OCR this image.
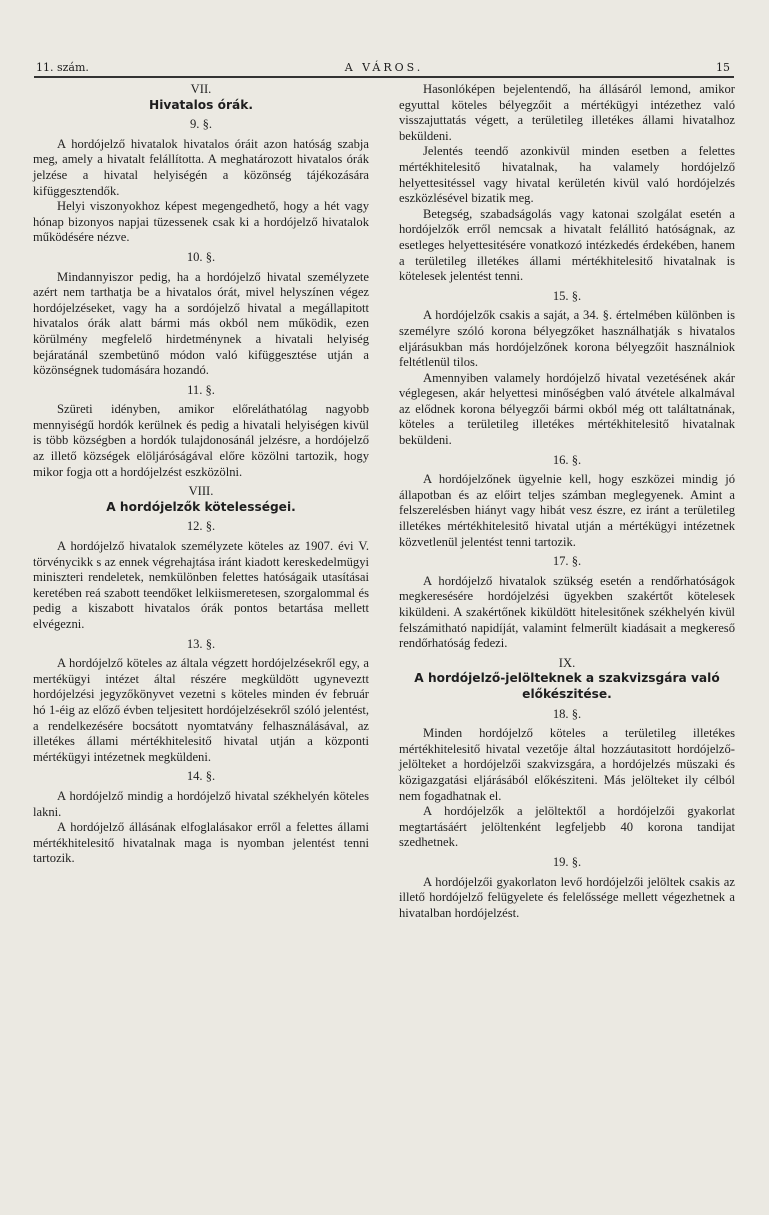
11. szám.	A VÁROS.	15
VII.
Hivatalos órák.
9. §.

A hordójelző hivatalok hivatalos óráit azon hatóság szabja meg, amely a hivatalt felállította. A meghatározott hivatalos órák jelzése a hivatal helyiségén a közönség tájékozására kifüggesztendők.

Helyi viszonyokhoz képest megengedhető, hogy a hét vagy hónap bizonyos napjai tüzessenek csak ki a hordójelző hivatalok működésére nézve.

10. §.

Mindannyiszor pedig, ha a hordójelző hivatal személyzete azért nem tarthatja be a hivatalos órát, mivel helyszínen végez hordójelzéseket, vagy ha a sordójelző hivatal a megállapitott hivatalos órák alatt bármi más okból nem működik, ezen körülmény megfelelő hirdetménynek a hivatali helyiség bejáratánál szembetünő módon való kifüggesztése utján a közönségnek tudomására hozandó.

11. §.

Szüreti idényben, amikor előreláthatólag nagyobb mennyiségű hordók kerülnek és pedig a hivatali helyiségen kivül is több községben a hordók tulajdonosánál jelzésre, a hordójelző az illető községek elöljáróságával előre közölni tartozik, hogy mikor fogja ott a hordójelzést eszközölni.

VIII.
A hordójelzők kötelességei.
12. §.

A hordójelző hivatalok személyzete köteles az 1907. évi V. törvénycikk s az ennek végrehajtása iránt kiadott kereskedelmügyi miniszteri rendeletek, nemkülönben felettes hatóságaik utasításai keretében reá szabott teendőket lelkiismeretesen, szorgalommal és pedig a kiszabott hivatalos órák pontos betartása mellett elvégezni.

13. §.

A hordójelző köteles az általa végzett hordójelzésekről egy, a mertékügyi intézet által részére megküldött ugyneveztt hordójelzési jegyzőkönyvet vezetni s köteles minden év február hó 1-éig az előző évben teljesitett hordójelzésekről szóló jelentést, a rendelkezésére bocsátott nyomtatvány felhasználásával, az illetékes állami mértékhitelesitő hivatal utján a központi mértékügyi intézetnek megküldeni.

14. §.

A hordójelző mindig a hordójelző hivatal székhelyén köteles lakni.

A hordójelző állásának elfoglalásakor erről a felettes állami mértékhitelesitő hivatalnak maga is nyomban jelentést tenni tartozik.

Hasonlóképen bejelentendő, ha állásáról lemond, amikor egyuttal köteles bélyegzőit a mértékügyi intézethez való visszajuttatás végett, a területileg illetékes állami hivatalhoz beküldeni.

Jelentés teendő azonkivül minden esetben a felettes mértékhitelesitő hivatalnak, ha valamely hordójelző helyettesitéssel vagy hivatal kerületén kivül való hordójelzés eszközlésével bizatik meg.

Betegség, szabadságolás vagy katonai szolgálat esetén a hordójelzők erről nemcsak a hivatalt felállitó hatóságnak, az esetleges helyettesitésére vonatkozó intézkedés érdekében, hanem a területileg illetékes állami mértékhitelesitő hivatalnak is kötelesek jelentést tenni.

15. §.

A hordójelzők csakis a saját, a 34. §. értelmében különben is személyre szóló korona bélyegzőket használhatják s hivatalos eljárásukban más hordójelzőnek korona bélyegzőit használniok feltétlenül tilos.

Amennyiben valamely hordójelző hivatal vezetésének akár véglegesen, akár helyettesi minőségben való átvétele alkalmával az elődnek korona bélyegzői bármi okból még ott találtatnának, köteles a területileg illetékes mértékhitelesitő hivatalnak beküldeni.

16. §.

A hordójelzőnek ügyelnie kell, hogy eszközei mindig jó állapotban és az előirt teljes számban meglegyenek. Amint a felszerelésben hiányt vagy hibát vesz észre, ez iránt a területileg illetékes mértékhitelesitő hivatal utján a mértékügyi intézetnek közvetlenül jelentést tenni tartozik.

17. §.

A hordójelző hivatalok szükség esetén a rendőrhatóságok megkeresésére hordójelzési ügyekben szakértőt kötelesek kiküldeni. A szakértőnek kiküldött hitelesitőnek székhelyén kivül felszámitható napidíját, valamint felmerült kiadásait a megkereső rendőrhatóság fedezi.

IX.
A hordójelző-jelölteknek a szakvizsgára való előkészitése.
18. §.

Minden hordójelző köteles a területileg illetékes mértékhitelesitő hivatal vezetője által hozzáutasitott hordójelző-jelölteket a hordójelzői szakvizsgára, a hordójelzés müszaki és közigazgatási eljárásából előkésziteni. Más jelölteket ily célból nem fogadhatnak el.

A hordójelzők a jelöltektől a hordójelzői gyakorlat megtartásáért jelöltenként legfeljebb 40 korona tandijat szedhetnek.

19. §.

A hordójelzői gyakorlaton levő hordójelzői jelöltek csakis az illető hordójelző felügyelete és felelőssége mellett végezhetnek a hivatalban hordójelzést.
